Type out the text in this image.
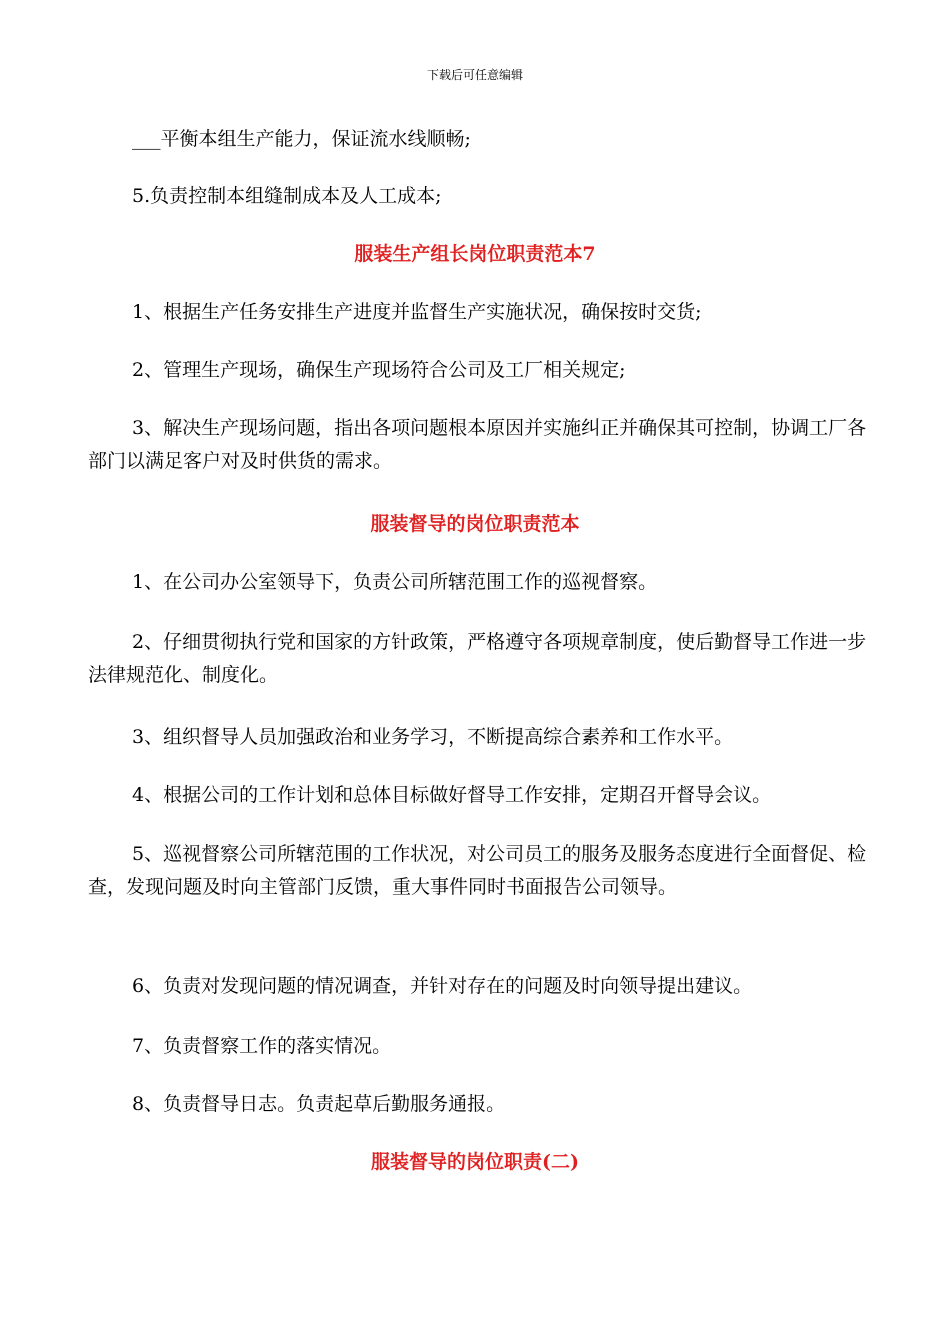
下载后可任意编辑

___平衡本组生产能力，保证流水线顺畅;

5.负责控制本组缝制成本及人工成本;

服装生产组长岗位职责范本7

1、根据生产任务安排生产进度并监督生产实施状况，确保按时交货;

2、管理生产现场，确保生产现场符合公司及工厂相关规定;

3、解决生产现场问题，指出各项问题根本原因并实施纠正并确保其可控制，协调工厂各部门以满足客户对及时供货的需求。

服装督导的岗位职责范本

1、在公司办公室领导下，负责公司所辖范围工作的巡视督察。

2、仔细贯彻执行党和国家的方针政策，严格遵守各项规章制度，使后勤督导工作进一步法律规范化、制度化。

3、组织督导人员加强政治和业务学习，不断提高综合素养和工作水平。

4、根据公司的工作计划和总体目标做好督导工作安排，定期召开督导会议。

5、巡视督察公司所辖范围的工作状况，对公司员工的服务及服务态度进行全面督促、检查，发现问题及时向主管部门反馈，重大事件同时书面报告公司领导。

6、负责对发现问题的情况调查，并针对存在的问题及时向领导提出建议。

7、负责督察工作的落实情况。

8、负责督导日志。负责起草后勤服务通报。

服装督导的岗位职责(二)
